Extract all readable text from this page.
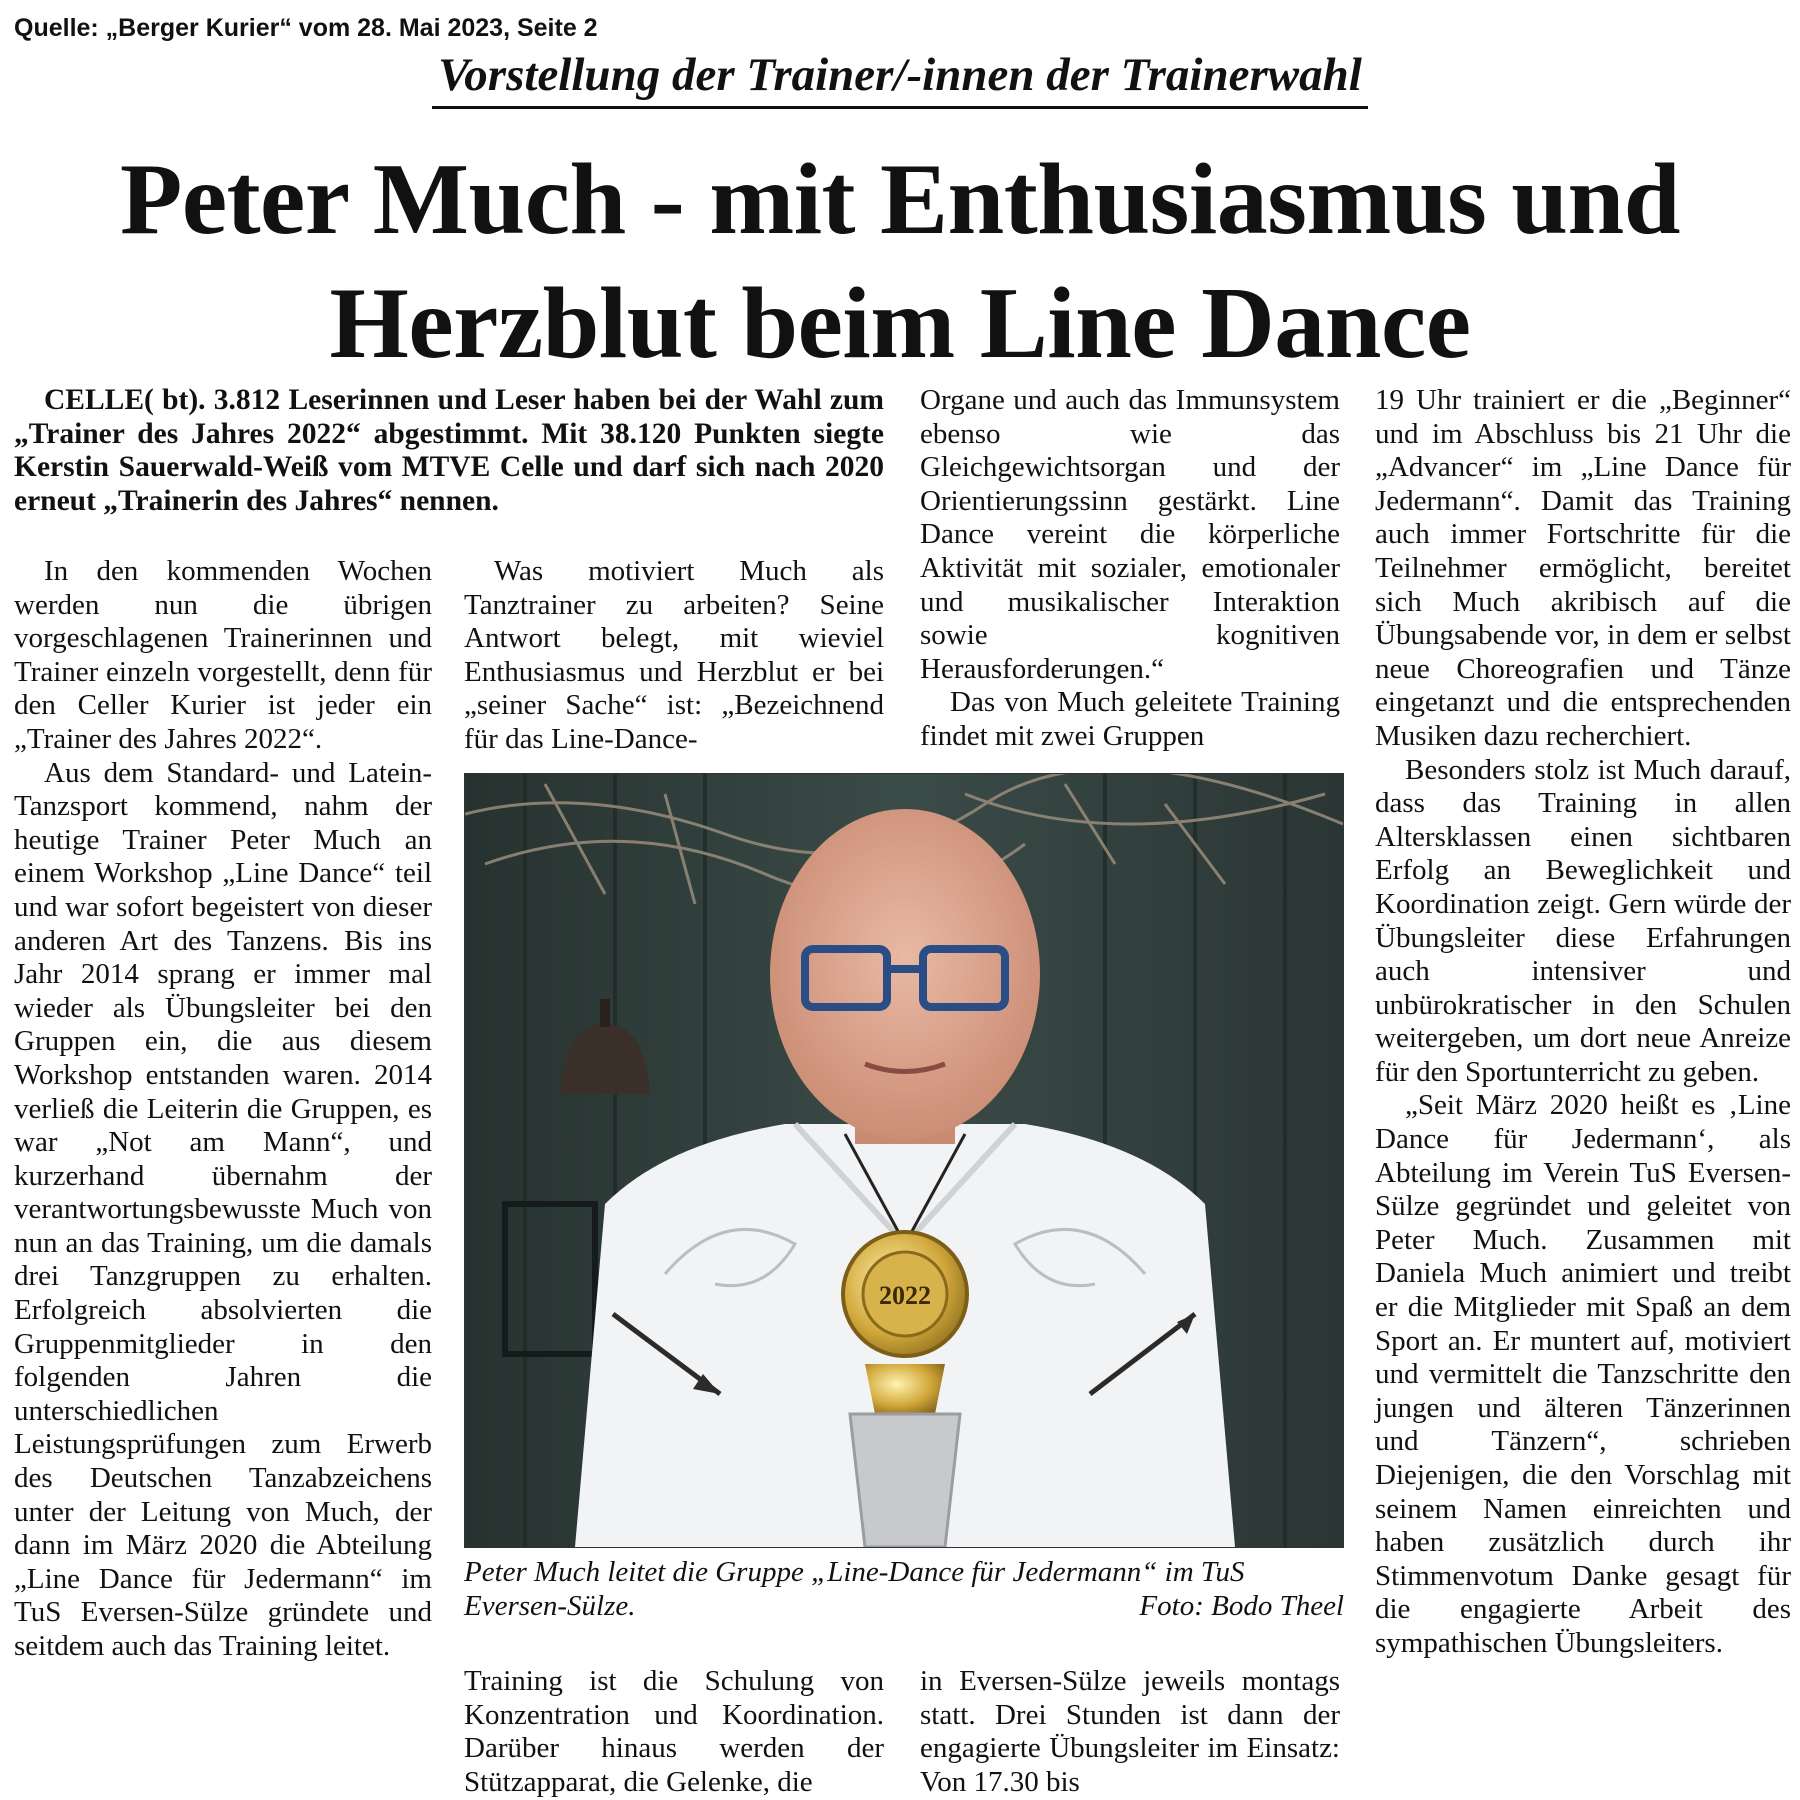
Quelle: „Berger Kurier“ vom 28. Mai 2023, Seite 2
Vorstellung der Trainer/-innen der Trainerwahl
Peter Much - mit Enthusiasmus und
Herzblut beim Line Dance

CELLE( bt). 3.812 Leserinnen und Leser haben bei der Wahl zum „Trainer des Jahres 2022“ abgestimmt. Mit 38.120 Punkten siegte Kerstin Sauerwald-Weiß vom MTVE Celle und darf sich nach 2020 erneut „Trainerin des Jahres“ nennen.

In den kommenden Wochen werden nun die übrigen vorgeschlagenen Trainerinnen und Trainer einzeln vorgestellt, denn für den Celler Kurier ist jeder ein „Trainer des Jahres 2022“.

Aus dem Standard- und Latein-Tanzsport kommend, nahm der heutige Trainer Peter Much an einem Workshop „Line Dance“ teil und war sofort begeistert von dieser anderen Art des Tanzens. Bis ins Jahr 2014 sprang er immer mal wieder als Übungsleiter bei den Gruppen ein, die aus diesem Workshop entstanden waren. 2014 verließ die Leiterin die Gruppen, es war „Not am Mann“, und kurzerhand übernahm der verantwortungsbewusste Much von nun an das Training, um die damals drei Tanzgruppen zu erhalten. Erfolgreich absolvierten die Gruppenmitglieder in den folgenden Jahren die unterschiedlichen Leistungsprüfungen zum Erwerb des Deutschen Tanzabzeichens unter der Leitung von Much, der dann im März 2020 die Abteilung „Line Dance für Jedermann“ im TuS Eversen-Sülze gründete und seitdem auch das Training leitet.

Was motiviert Much als Tanztrainer zu arbeiten? Seine Antwort belegt, mit wieviel Enthusiasmus und Herzblut er bei „seiner Sache“ ist: „Bezeichnend für das Line-Dance-

Organe und auch das Immunsystem ebenso wie das Gleichgewichtsorgan und der Orientierungssinn gestärkt. Line Dance vereint die körperliche Aktivität mit sozialer, emotionaler und musikalischer Interaktion sowie kognitiven Herausforderungen.“

Das von Much geleitete Training findet mit zwei Gruppen

19 Uhr trainiert er die „Beginner“ und im Abschluss bis 21 Uhr die „Advancer“ im „Line Dance für Jedermann“. Damit das Training auch immer Fortschritte für die Teilnehmer ermöglicht, bereitet sich Much akribisch auf die Übungsabende vor, in dem er selbst neue Choreografien und Tänze eingetanzt und die entsprechenden Musiken dazu recherchiert.

Besonders stolz ist Much darauf, dass das Training in allen Altersklassen einen sichtbaren Erfolg an Beweglichkeit und Koordination zeigt. Gern würde der Übungsleiter diese Erfahrungen auch intensiver und unbürokratischer in den Schulen weitergeben, um dort neue Anreize für den Sportunterricht zu geben.

„Seit März 2020 heißt es ‚Line Dance für Jedermann‘, als Abteilung im Verein TuS Eversen-Sülze gegründet und geleitet von Peter Much. Zusammen mit Daniela Much animiert und treibt er die Mitglieder mit Spaß an dem Sport an. Er muntert auf, motiviert und vermittelt die Tanzschritte den jungen und älteren Tänzerinnen und Tänzern“, schrieben Diejenigen, die den Vorschlag mit seinem Namen einreichten und haben zusätzlich durch ihr Stimmenvotum Danke gesagt für die engagierte Arbeit des sympathischen Übungsleiters.

2022
Peter Much leitet die Gruppe „Line-Dance für Jedermann“ im TuS Eversen-Sülze.	Foto: Bodo Theel

Training ist die Schulung von Konzentration und Koordination. Darüber hinaus werden der Stützapparat, die Gelenke, die

in Eversen-Sülze jeweils montags statt. Drei Stunden ist dann der engagierte Übungsleiter im Einsatz: Von 17.30 bis
